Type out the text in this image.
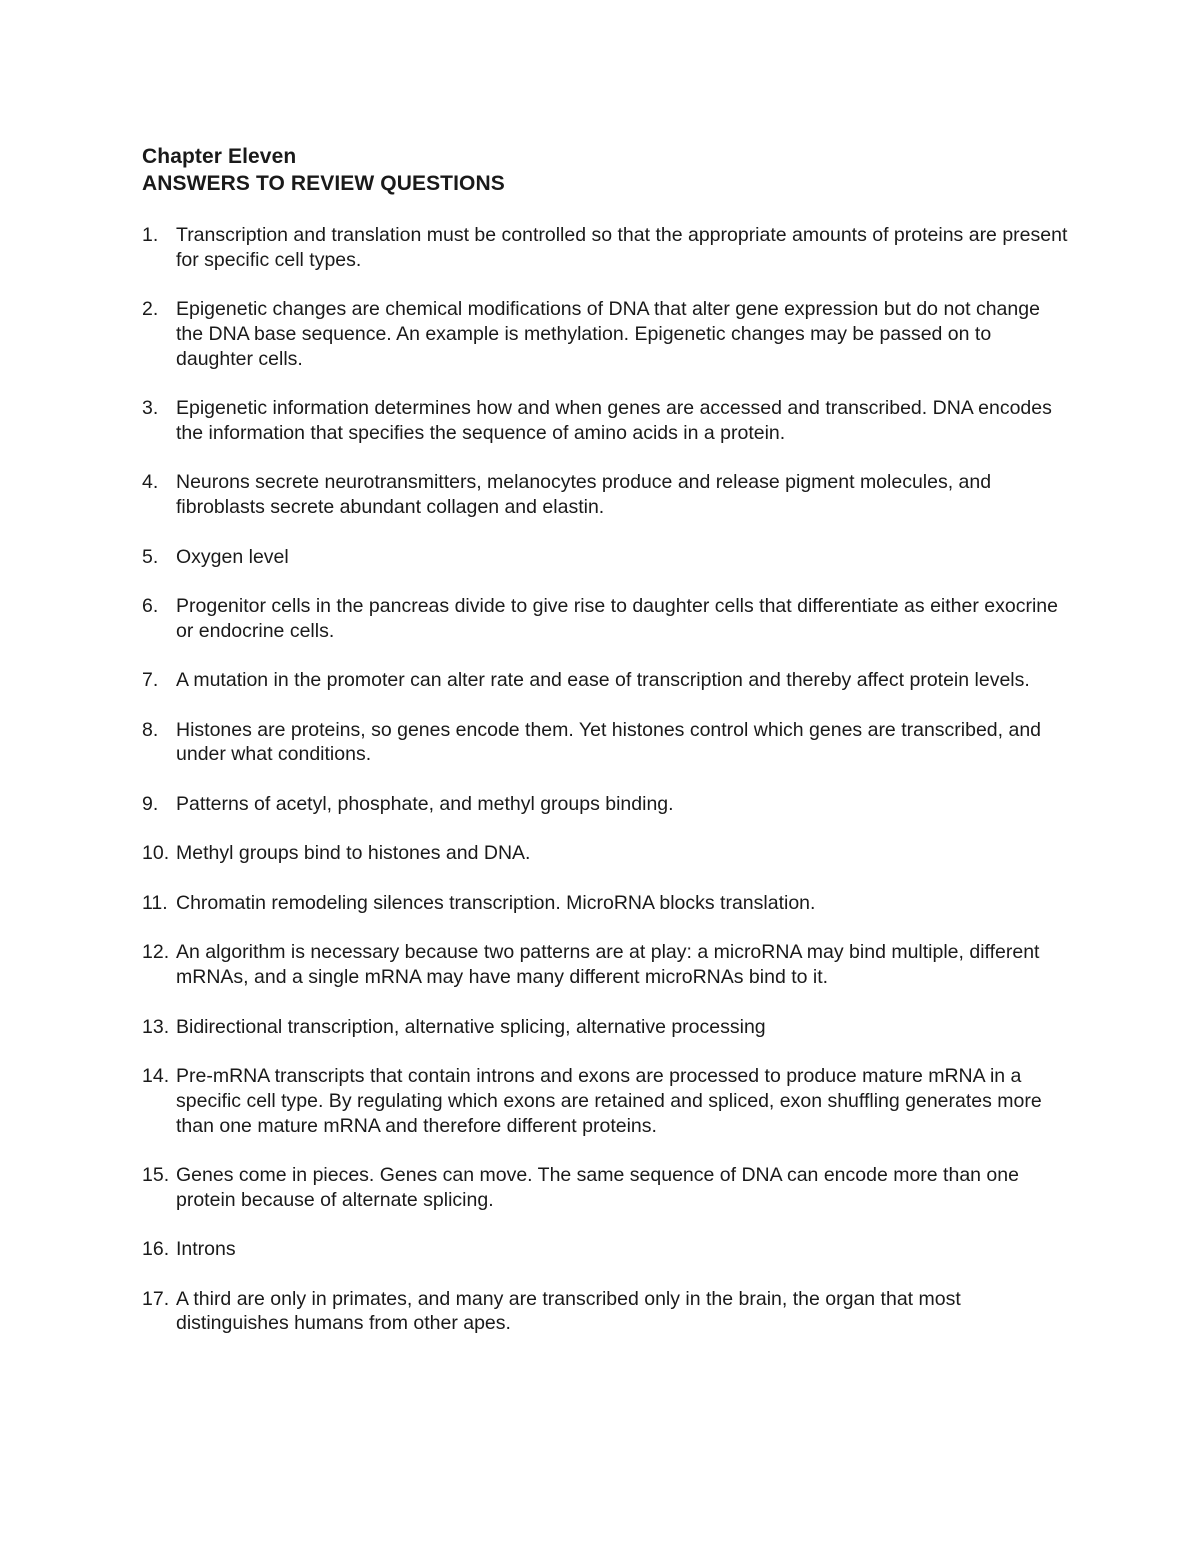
Chapter Eleven
ANSWERS TO REVIEW QUESTIONS
1. Transcription and translation must be controlled so that the appropriate amounts of proteins are present for specific cell types.
2. Epigenetic changes are chemical modifications of DNA that alter gene expression but do not change the DNA base sequence. An example is methylation. Epigenetic changes may be passed on to daughter cells.
3. Epigenetic information determines how and when genes are accessed and transcribed. DNA encodes the information that specifies the sequence of amino acids in a protein.
4. Neurons secrete neurotransmitters, melanocytes produce and release pigment molecules, and fibroblasts secrete abundant collagen and elastin.
5. Oxygen level
6. Progenitor cells in the pancreas divide to give rise to daughter cells that differentiate as either exocrine or endocrine cells.
7. A mutation in the promoter can alter rate and ease of transcription and thereby affect protein levels.
8. Histones are proteins, so genes encode them. Yet histones control which genes are transcribed, and under what conditions.
9. Patterns of acetyl, phosphate, and methyl groups binding.
10. Methyl groups bind to histones and DNA.
11. Chromatin remodeling silences transcription. MicroRNA blocks translation.
12. An algorithm is necessary because two patterns are at play: a microRNA may bind multiple, different mRNAs, and a single mRNA may have many different microRNAs bind to it.
13. Bidirectional transcription, alternative splicing, alternative processing
14. Pre-mRNA transcripts that contain introns and exons are processed to produce mature mRNA in a specific cell type. By regulating which exons are retained and spliced, exon shuffling generates more than one mature mRNA and therefore different proteins.
15. Genes come in pieces. Genes can move. The same sequence of DNA can encode more than one protein because of alternate splicing.
16. Introns
17. A third are only in primates, and many are transcribed only in the brain, the organ that most distinguishes humans from other apes.
